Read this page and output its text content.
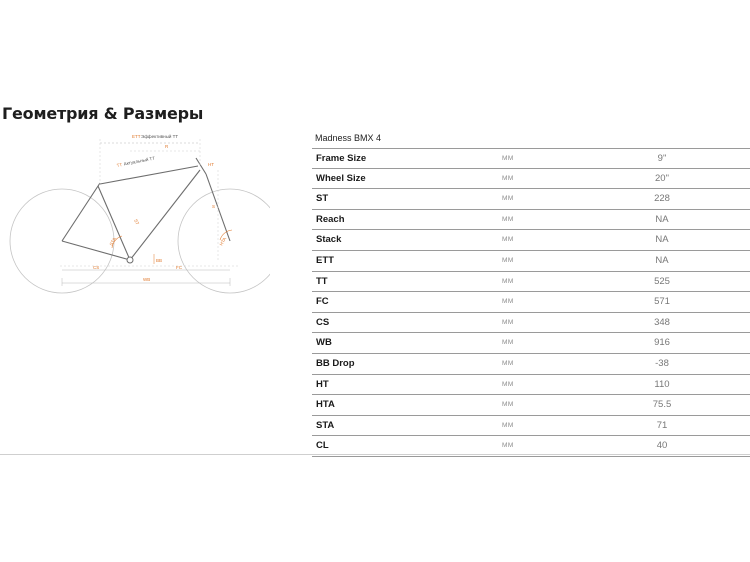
Геометрия & Размеры
ETT Эффективный TT
R
TT Актуальный TT	HT
S
ST
STA	HTA
BB
CS	FC
WB
Madness BMX 4
Frame Size	MM	9"
Wheel Size	MM	20"
ST	MM	228
Reach	MM	NA
Stack	MM	NA
ETT	MM	NA
TT	MM	525
FC	MM	571
CS	MM	348
WB	MM	916
BB Drop	MM	-38
HT	MM	110
HTA	MM	75.5
STA	MM	71
CL	MM	40
